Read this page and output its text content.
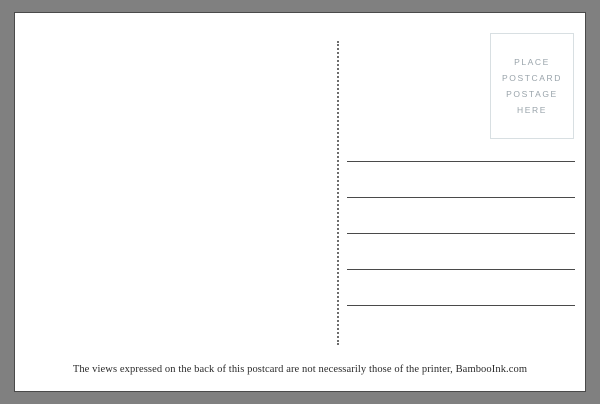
PLACE
POSTCARD
POSTAGE
HERE
The views expressed on the back of this postcard are not necessarily those of the printer, BambooInk.com
